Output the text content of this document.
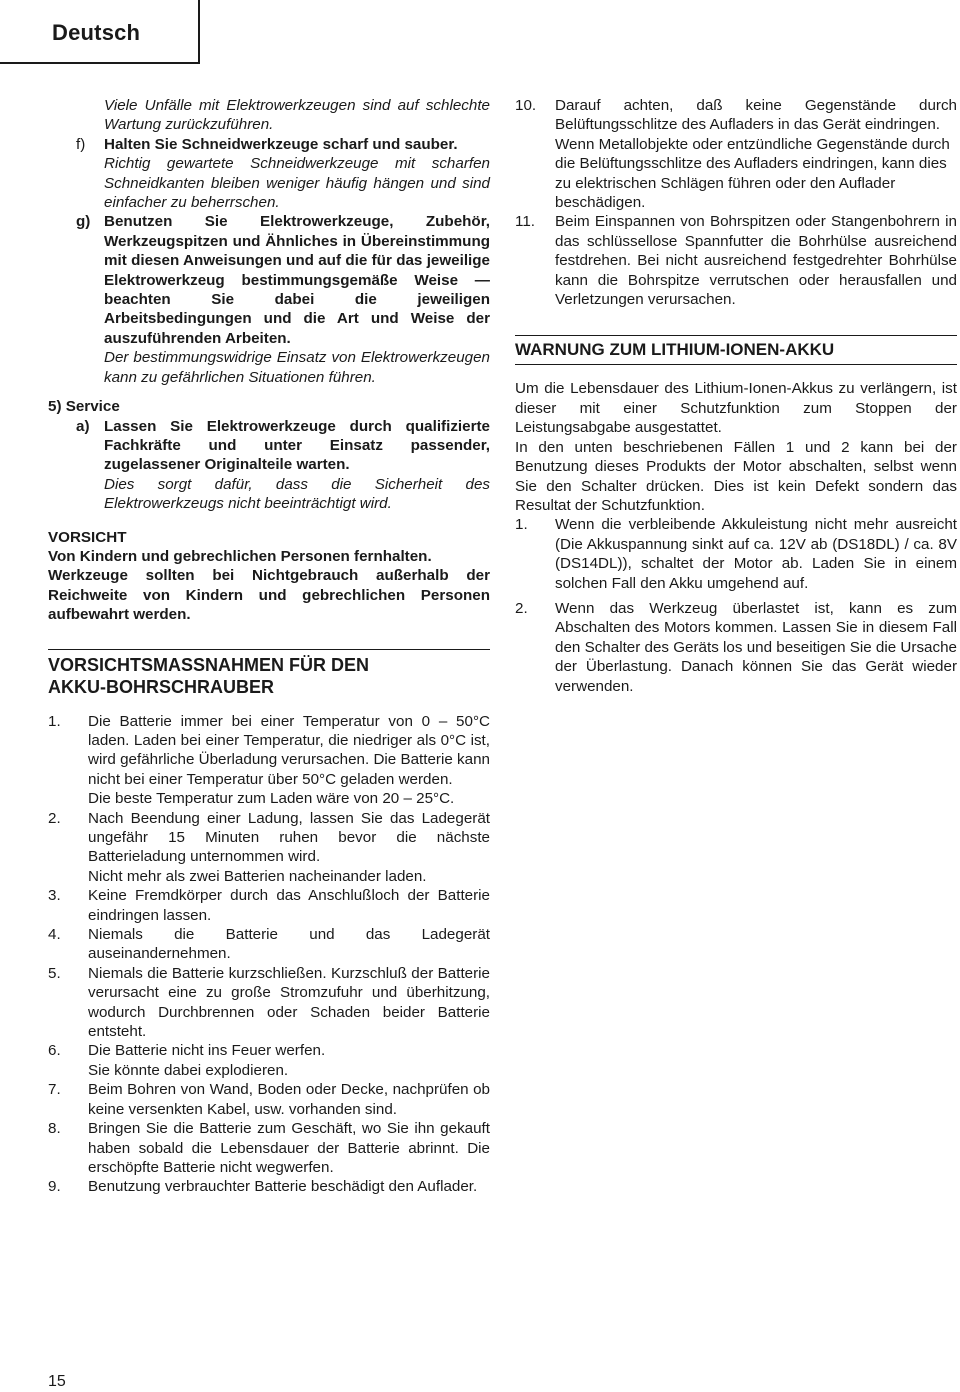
Deutsch

Viele Unfälle mit Elektrowerkzeugen sind auf schlechte Wartung zurückzuführen.

f)	Halten Sie Schneidwerkzeuge scharf und sauber.

Richtig gewartete Schneidwerkzeuge mit scharfen Schneidkanten bleiben weniger häufig hängen und sind einfacher zu beherrschen.

g) Benutzen Sie Elektrowerkzeuge, Zubehör, Werkzeugspitzen und Ähnliches in Übereinstimmung mit diesen Anweisungen und auf die für das jeweilige Elektrowerkzeug bestimmungsgemäße Weise — beachten Sie dabei die jeweiligen Arbeitsbedingungen und die Art und Weise der auszuführenden Arbeiten.

Der bestimmungswidrige Einsatz von Elektrowerkzeugen kann zu gefährlichen Situationen führen.

5) Service

a) Lassen Sie Elektrowerkzeuge durch qualifizierte Fachkräfte und unter Einsatz passender, zugelassener Originalteile warten.

Dies sorgt dafür, dass die Sicherheit des Elektrowerkzeugs nicht beeinträchtigt wird.

VORSICHT

Von Kindern und gebrechlichen Personen fernhalten.

Werkzeuge sollten bei Nichtgebrauch außerhalb der Reichweite von Kindern und gebrechlichen Personen aufbewahrt werden.

VORSICHTSMASSNAHMEN FÜR DEN
AKKU-BOHRSCHRAUBER

1.	Die Batterie immer bei einer Temperatur von 0 – 50°C laden. Laden bei einer Temperatur, die niedriger als 0°C ist, wird gefährliche Überladung verursachen. Die Batterie kann nicht bei einer Temperatur über 50°C geladen werden.

Die beste Temperatur zum Laden wäre von 20 – 25°C.

2.	Nach Beendung einer Ladung, lassen Sie das Ladegerät ungefähr 15 Minuten ruhen bevor die nächste Batterieladung unternommen wird.

Nicht mehr als zwei Batterien nacheinander laden.

3.	Keine Fremdkörper durch das Anschlußloch der Batterie eindringen lassen.

4.	Niemals die Batterie und das Ladegerät auseinandernehmen.

5.	Niemals die Batterie kurzschließen. Kurzschluß der Batterie verursacht eine zu große Stromzufuhr und überhitzung, wodurch Durchbrennen oder Schaden beider Batterie entsteht.

6.	Die Batterie nicht ins Feuer werfen.

Sie könnte dabei explodieren.

7.	Beim Bohren von Wand, Boden oder Decke, nachprüfen ob keine versenkten Kabel, usw. vorhanden sind.

8.	Bringen Sie die Batterie zum Geschäft, wo Sie ihn gekauft haben sobald die Lebensdauer der Batterie abrinnt. Die erschöpfte Batterie nicht wegwerfen.

9.	Benutzung verbrauchter Batterie beschädigt den Auflader.

10.	Darauf achten, daß keine Gegenstände durch Belüftungsschlitze des Aufladers in das Gerät eindringen.

Wenn Metallobjekte oder entzündliche Gegenstände durch die Belüftungsschlitze des Aufladers eindringen, kann dies zu elektrischen Schlägen führen oder den Auflader beschädigen.

11.	Beim Einspannen von Bohrspitzen oder Stangenbohrern in das schlüssellose Spannfutter die Bohrhülse ausreichend festdrehen. Bei nicht ausreichend festgedrehter Bohrhülse kann die Bohrspitze verrutschen oder herausfallen und Verletzungen verursachen.

WARNUNG ZUM LITHIUM-IONEN-AKKU

Um die Lebensdauer des Lithium-Ionen-Akkus zu verlängern, ist dieser mit einer Schutzfunktion zum Stoppen der Leistungsabgabe ausgestattet.

In den unten beschriebenen Fällen 1 und 2 kann bei der Benutzung dieses Produkts der Motor abschalten, selbst wenn Sie den Schalter drücken. Dies ist kein Defekt sondern das Resultat der Schutzfunktion.

1.	Wenn die verbleibende Akkuleistung nicht mehr ausreicht (Die Akkuspannung sinkt auf ca. 12V ab (DS18DL) / ca. 8V (DS14DL)), schaltet der Motor ab. Laden Sie in einem solchen Fall den Akku umgehend auf.

2.	Wenn das Werkzeug überlastet ist, kann es zum Abschalten des Motors kommen. Lassen Sie in diesem Fall den Schalter des Geräts los und beseitigen Sie die Ursache der Überlastung. Danach können Sie das Gerät wieder verwenden.

15
